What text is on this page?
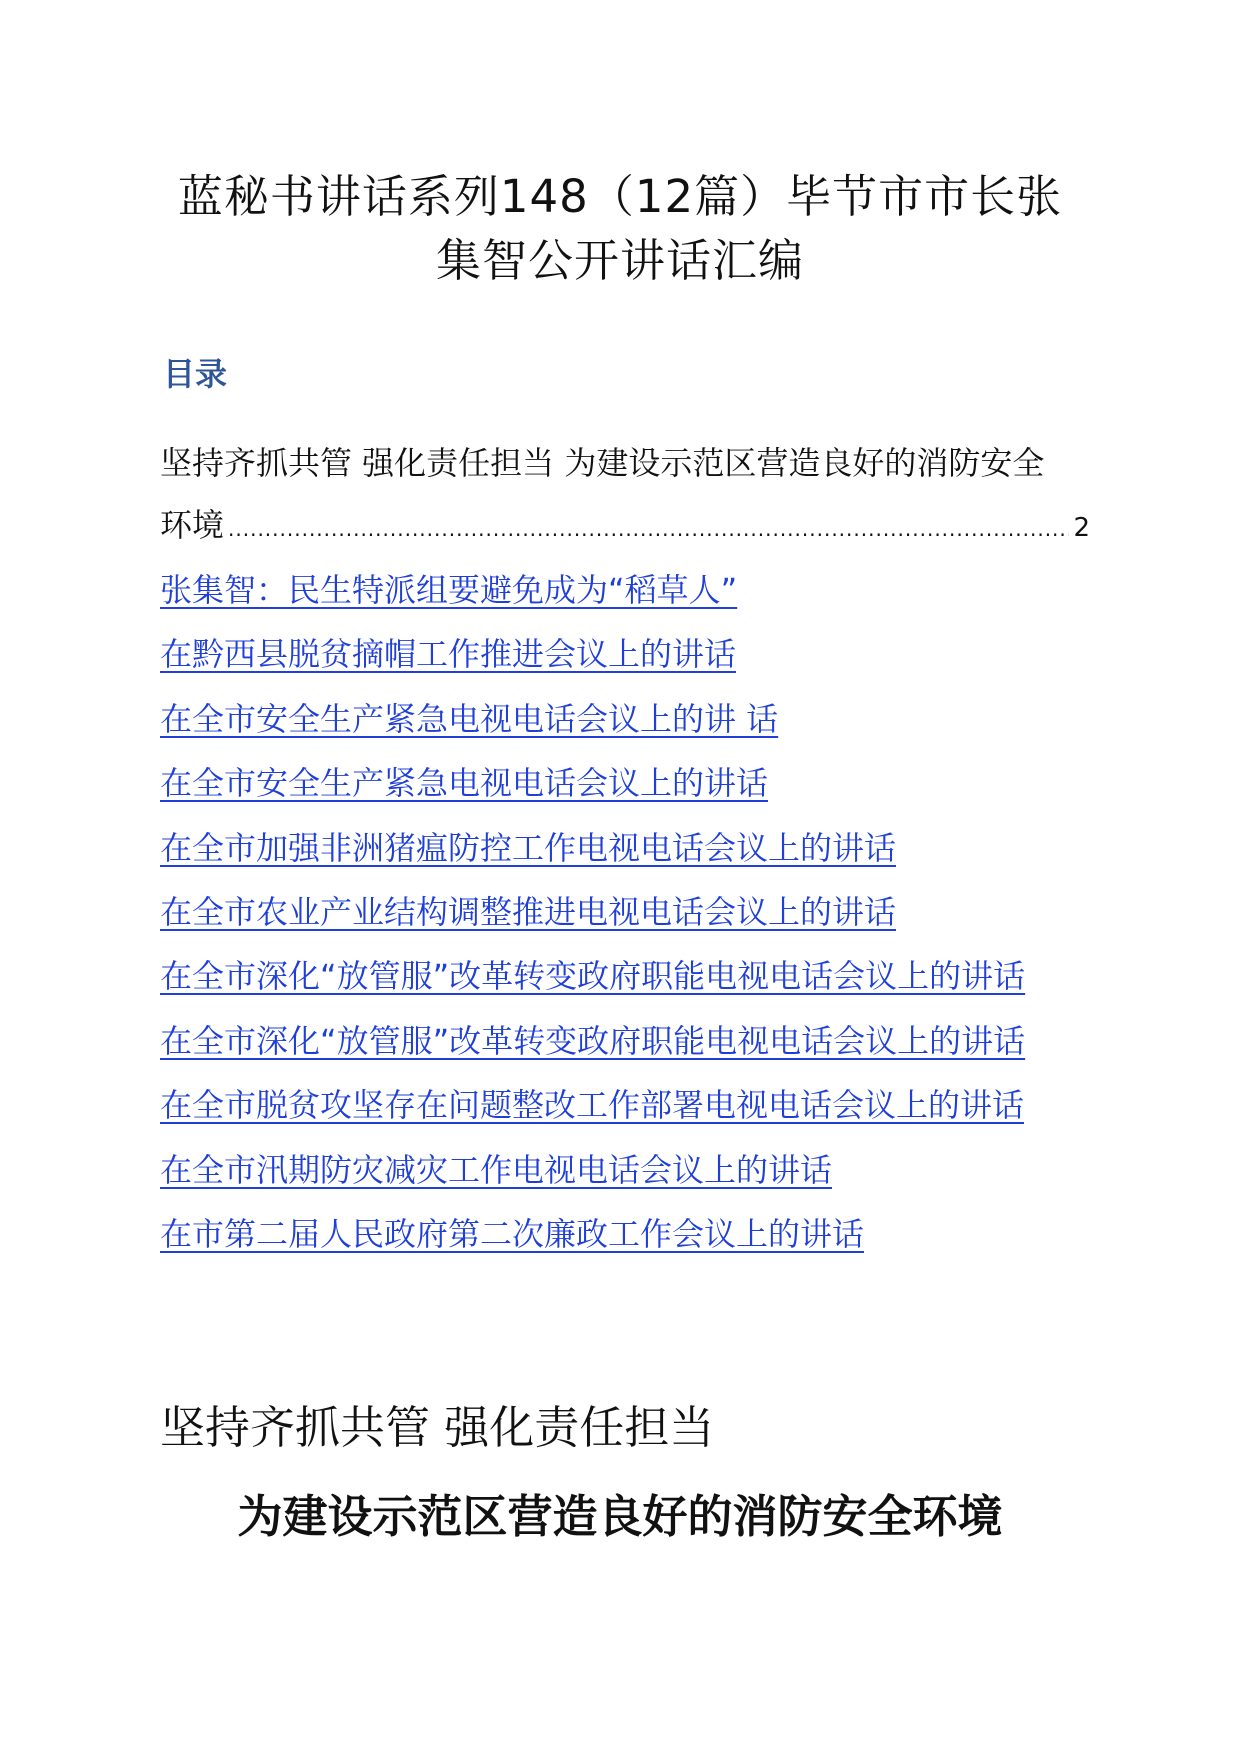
蓝秘书讲话系列148（12篇）毕节市市长张
集智公开讲话汇编
目录
坚持齐抓共管 强化责任担当 为建设示范区营造良好的消防安全
环境
.....	2
张集智：民生特派组要避免成为“稻草人”
在黔西县脱贫摘帽工作推进会议上的讲话
在全市安全生产紧急电视电话会议上的讲 话
在全市安全生产紧急电视电话会议上的讲话
在全市加强非洲猪瘟防控工作电视电话会议上的讲话
在全市农业产业结构调整推进电视电话会议上的讲话
在全市深化“放管服”改革转变政府职能电视电话会议上的讲话
在全市深化“放管服”改革转变政府职能电视电话会议上的讲话
在全市脱贫攻坚存在问题整改工作部署电视电话会议上的讲话
在全市汛期防灾减灾工作电视电话会议上的讲话
在市第二届人民政府第二次廉政工作会议上的讲话
坚持齐抓共管 强化责任担当
为建设示范区营造良好的消防安全环境
